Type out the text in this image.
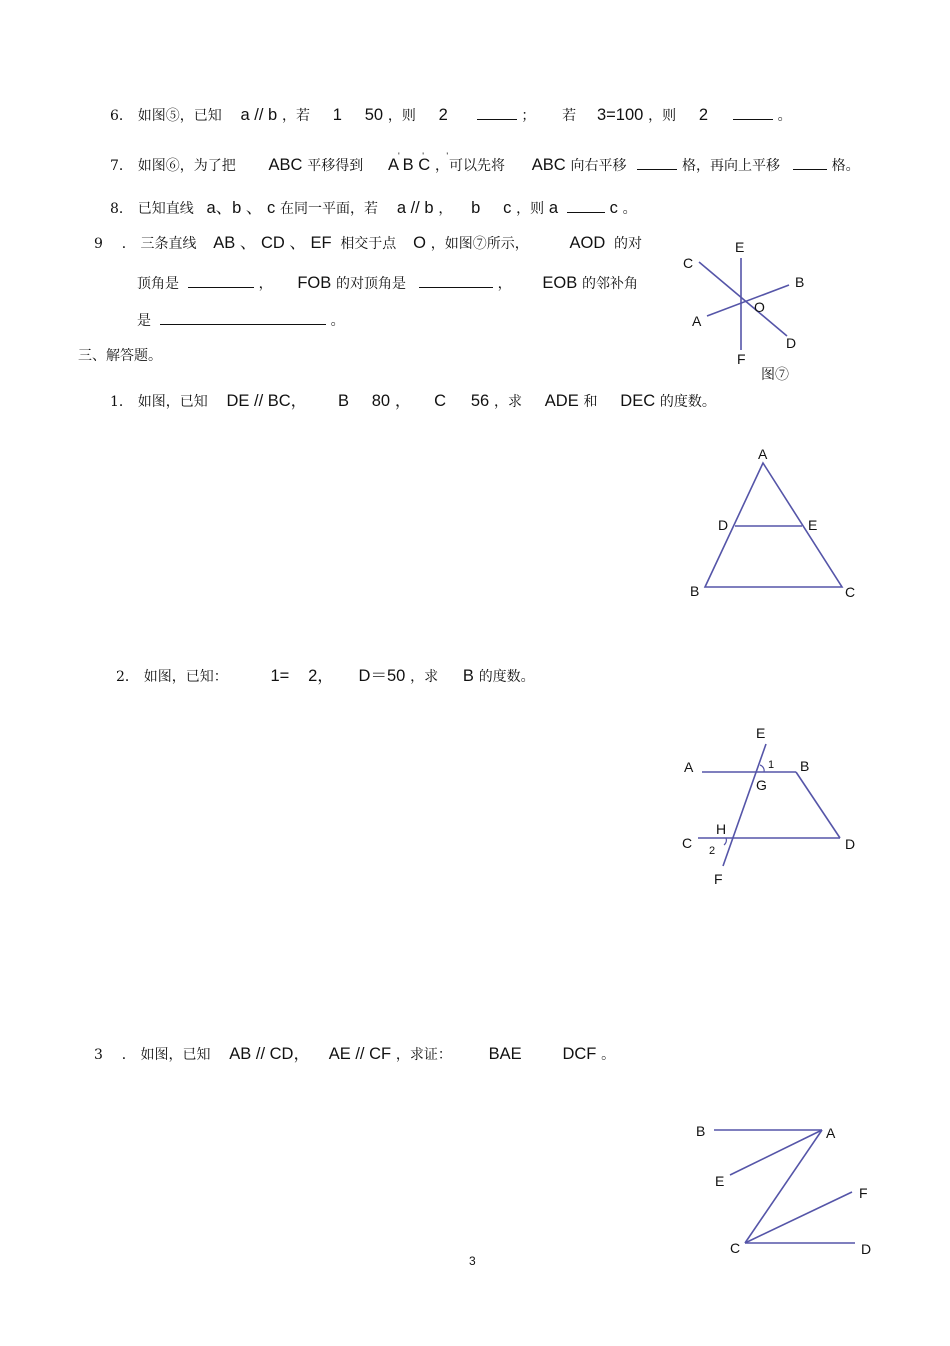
6． 如图⑤，已知 a // b ，若 1 50 ，则 2	； 若 3=100 ，则 2	。
7． 如图⑥，为了把 ABC 平移得到 A B C
' ' '
，可以先将 ABC 向右平移	格，再向上平移	格。
8． 已知直线 a、b 、 c 在同一平面，若 a // b ， b c ，则 a	c 。
9 ． 三条直线 AB 、 CD 、 EF 相交于点 O ，如图⑦所示， AOD 的对
顶角是	， FOB 的对顶角是	， EOB 的邻补角
是	。
三、解答题。
1． 如图，已知 DE // BC， B 80 ， C 56 ，求 ADE 和 DEC 的度数。
2． 如图，已知：	1= 2， D＝50 ，求 B 的度数。
3 ． 如图，已知 AB // CD， AE // CF ，求证： BAE DCF 。
E
C
B
O
A
D
F
图⑦
A
D	E
B	C
E
1
A	B
G
H
C 2	D
F
B	A
E
F
C	D
3
